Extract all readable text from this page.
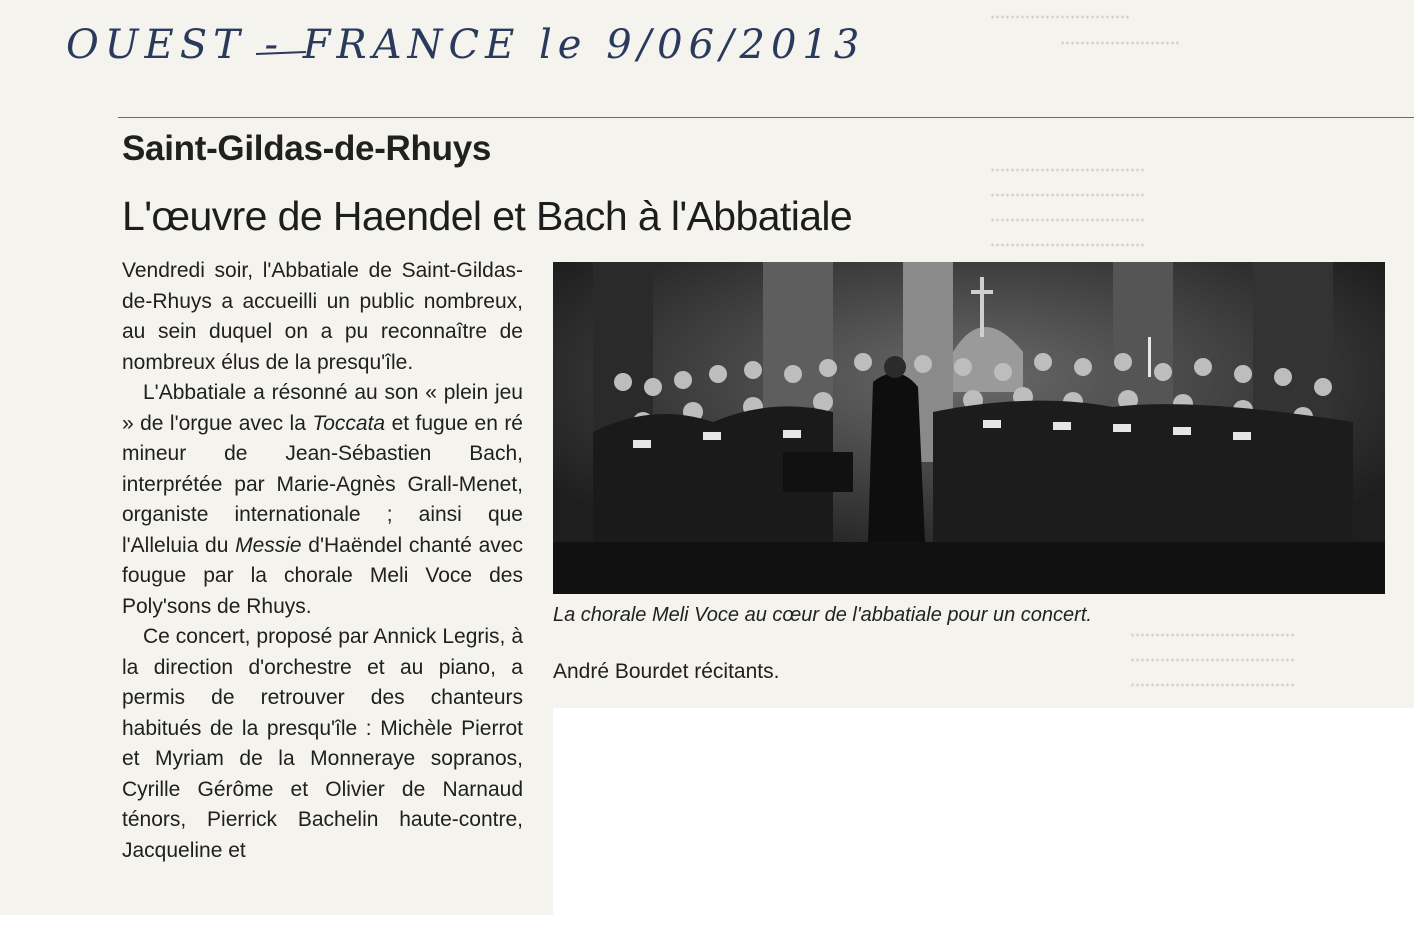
............................
........................
...............................
...............................
...............................
...............................
.................................
.................................
.................................
OUEST - FRANCE le 9/06/2013
Saint-Gildas-de-Rhuys
L'œuvre de Haendel et Bach à l'Abbatiale

Vendredi soir, l'Abbatiale de Saint-Gildas-de-Rhuys a accueilli un public nombreux, au sein duquel on a pu reconnaître de nombreux élus de la presqu'île.

L'Abbatiale a résonné au son « plein jeu » de l'orgue avec la Toccata et fugue en ré mineur de Jean-Sébastien Bach, interprétée par Marie-Agnès Grall-Menet, organiste internationale ; ainsi que l'Alleluia du Messie d'Haëndel chanté avec fougue par la chorale Meli Voce des Poly'sons de Rhuys.

Ce concert, proposé par Annick Legris, à la direction d'orchestre et au piano, a permis de retrouver des chanteurs habitués de la presqu'île : Michèle Pierrot et Myriam de la Monneraye sopranos, Cyrille Gérôme et Olivier de Narnaud ténors, Pierrick Bachelin haute-contre, Jacqueline et

La chorale Meli Voce au cœur de l'abbatiale pour un concert.
André Bourdet récitants.
